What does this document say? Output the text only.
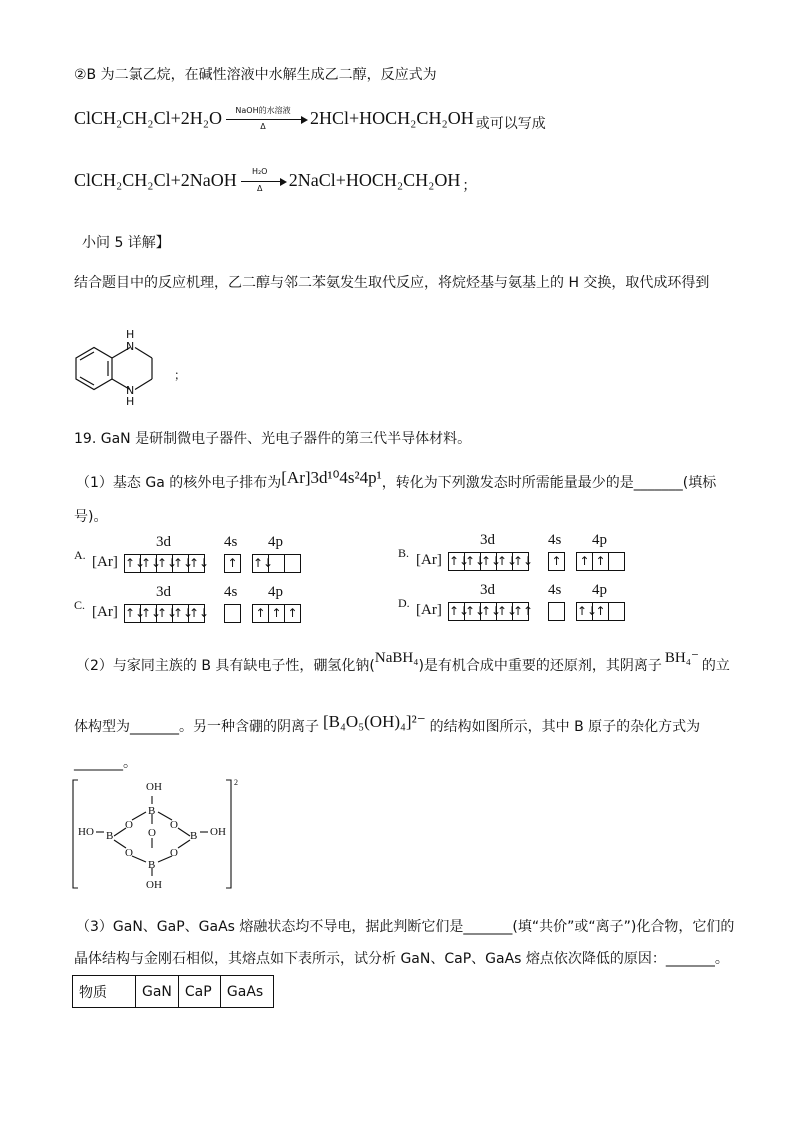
②B 为二氯乙烷，在碱性溶液中水解生成乙二醇，反应式为
ClCH₂CH₂Cl+2H₂O	NaOH的水溶液
Δ	2HCl+HOCH₂CH₂OH $_{或可以写成}$
ClCH₂CH₂Cl+2NaOH	H₂O
Δ	2NaCl+HOCH₂CH₂OH $_;$
小问 5 详解】
结合题目中的反应机理，乙二醇与邻二苯氨发生取代反应，将烷烃基与氨基上的 H 交换，取代成环得到
H
N
N
H
；
19. GaN 是研制微电子器件、光电子器件的第三代半导体材料。
（1）基态 Ga 的核外电子排布为[Ar]3d¹⁰4s²4p¹，转化为下列激发态时所需能量最少的是_______(填标
号)。
A. [Ar]
3d
↑↓
↑↓
↑↓
↑↓
↑↓
4s
↑
4p
↑↓
B. [Ar]
3d
↑↓
↑↓
↑↓
↑↓
↑↓
4s
↑
4p
↑ ↑
C. [Ar]
3d
↑↓
↑↓
↑↓
↑↓
↑↓
4s 4p
↑ ↑ ↑
D. [Ar]
3d
↑↓
↑↓
↑↓
↑↓
↑↑
4s 4p
↑↓
↑
（2）与家同主族的 B 具有缺电子性，硼氢化钠(NaBH₄)是有机合成中重要的还原剂，其阴离子 BH₄⁻ 的立
体构型为_______。另一种含硼的阴离子 [B₄O₅(OH)₄]²⁻ 的结构如图所示，其中 B 原子的杂化方式为
_______。
OH
B
O	O
O
B	B
O	O
B
OH
HO	OH
2
（3）GaN、GaP、GaAs 熔融状态均不导电，据此判断它们是_______(填“共价”或“离子”)化合物，它们的
晶体结构与金刚石相似，其熔点如下表所示，试分析 GaN、CaP、GaAs 熔点依次降低的原因：_______。
物质	GaN	CaP	GaAs
